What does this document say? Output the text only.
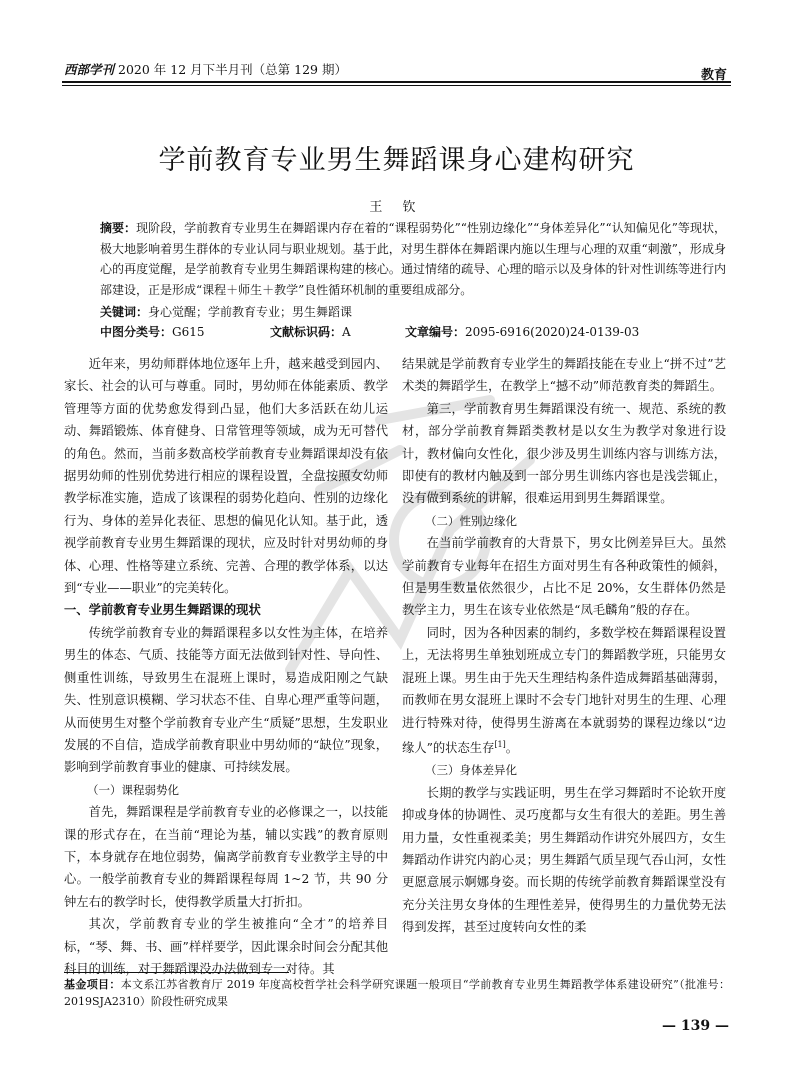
西部学刊 2020 年 12 月下半月刊（总第 129 期）	教育
学前教育专业男生舞蹈课身心建构研究
王 钦
摘要：现阶段，学前教育专业男生在舞蹈课内存在着的“课程弱势化”“性别边缘化”“身体差异化”“认知偏见化”等现状，极大地影响着男生群体的专业认同与职业规划。基于此，对男生群体在舞蹈课内施以生理与心理的双重“刺激”，形成身心的再度觉醒，是学前教育专业男生舞蹈课构建的核心。通过情绪的疏导、心理的暗示以及身体的针对性训练等进行内部建设，正是形成“课程＋师生＋教学”良性循环机制的重要组成部分。
关键词：身心觉醒；学前教育专业；男生舞蹈课
中图分类号：G615	文献标识码：A	文章编号：2095-6916(2020)24-0139-03

近年来，男幼师群体地位逐年上升，越来越受到园内、家长、社会的认可与尊重。同时，男幼师在体能素质、教学管理等方面的优势愈发得到凸显，他们大多活跃在幼儿运动、舞蹈锻炼、体育健身、日常管理等领域，成为无可替代的角色。然而，当前多数高校学前教育专业舞蹈课却没有依据男幼师的性别优势进行相应的课程设置，全盘按照女幼师教学标准实施，造成了该课程的弱势化趋向、性别的边缘化行为、身体的差异化表征、思想的偏见化认知。基于此，透视学前教育专业男生舞蹈课的现状，应及时针对男幼师的身体、心理、性格等建立系统、完善、合理的教学体系，以达到“专业——职业”的完美转化。

一、学前教育专业男生舞蹈课的现状

传统学前教育专业的舞蹈课程多以女性为主体，在培养男生的体态、气质、技能等方面无法做到针对性、导向性、侧重性训练，导致男生在混班上课时，易造成阳刚之气缺失、性别意识模糊、学习状态不佳、自卑心理严重等问题，从而使男生对整个学前教育专业产生“质疑”思想，生发职业发展的不自信，造成学前教育职业中男幼师的“缺位”现象，影响到学前教育事业的健康、可持续发展。

（一）课程弱势化

首先，舞蹈课程是学前教育专业的必修课之一，以技能课的形式存在，在当前“理论为基，辅以实践”的教育原则下，本身就存在地位弱势，偏离学前教育专业教学主导的中心。一般学前教育专业的舞蹈课程每周 1~2 节，共 90 分钟左右的教学时长，使得教学质量大打折扣。

其次，学前教育专业的学生被推向“全才”的培养目标，“琴、舞、书、画”样样要学，因此课余时间会分配其他科目的训练，对于舞蹈课没办法做到专一对待。其

结果就是学前教育专业学生的舞蹈技能在专业上“拼不过”艺术类的舞蹈学生，在教学上“撼不动”师范教育类的舞蹈生。

第三，学前教育男生舞蹈课没有统一、规范、系统的教材，部分学前教育舞蹈类教材是以女生为教学对象进行设计，教材偏向女性化，很少涉及男生训练内容与训练方法，即使有的教材内触及到一部分男生训练内容也是浅尝辄止，没有做到系统的讲解，很难运用到男生舞蹈课堂。

（二）性别边缘化

在当前学前教育的大背景下，男女比例差异巨大。虽然学前教育专业每年在招生方面对男生有各种政策性的倾斜，但是男生数量依然很少，占比不足 20%，女生群体仍然是教学主力，男生在该专业依然是“凤毛麟角”般的存在。

同时，因为各种因素的制约，多数学校在舞蹈课程设置上，无法将男生单独划班成立专门的舞蹈教学班，只能男女混班上课。男生由于先天生理结构条件造成舞蹈基础薄弱，而教师在男女混班上课时不会专门地针对男生的生理、心理进行特殊对待，使得男生游离在本就弱势的课程边缘以“边缘人”的状态生存[1]。

（三）身体差异化

长期的教学与实践证明，男生在学习舞蹈时不论软开度抑或身体的协调性、灵巧度都与女生有很大的差距。男生善用力量，女性重视柔美；男生舞蹈动作讲究外展四方，女生舞蹈动作讲究内韵心灵；男生舞蹈气质呈现气吞山河，女性更愿意展示婀娜身姿。而长期的传统学前教育舞蹈课堂没有充分关注男女身体的生理性差异，使得男生的力量优势无法得到发挥，甚至过度转向女性的柔

基金项目：本文系江苏省教育厅 2019 年度高校哲学社会科学研究课题一般项目“学前教育专业男生舞蹈教学体系建设研究”（批准号：2019SJA2310）阶段性研究成果
— 139 —
